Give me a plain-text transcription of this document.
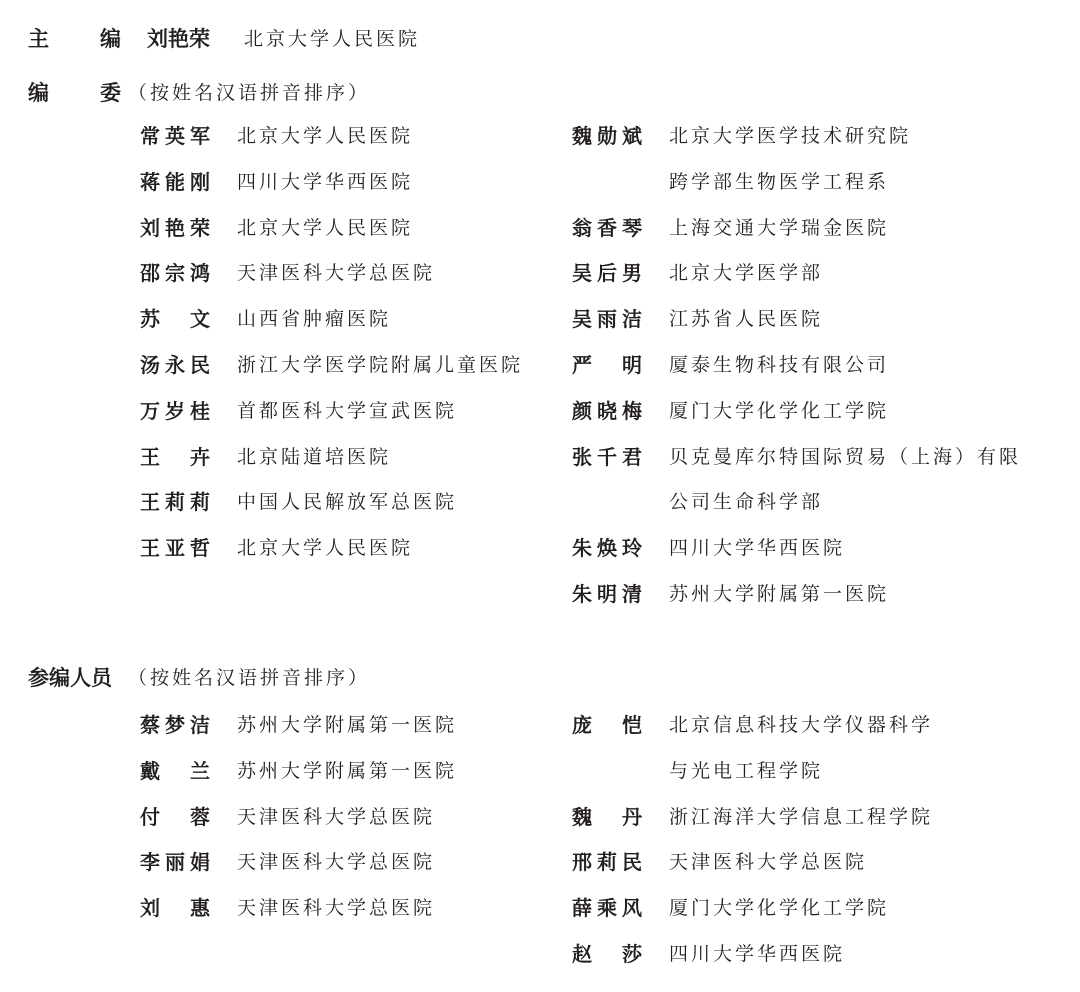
主 编 刘艳荣 北京大学人民医院
编 委 （按姓名汉语拼音排序）
参编人员 （按姓名汉语拼音排序）
常英军 北京大学人民医院
蒋能刚 四川大学华西医院
刘艳荣 北京大学人民医院
邵宗鸿 天津医科大学总医院
苏　文 山西省肿瘤医院
汤永民 浙江大学医学院附属儿童医院
万岁桂 首都医科大学宣武医院
王　卉 北京陆道培医院
王莉莉 中国人民解放军总医院
王亚哲 北京大学人民医院
魏勋斌 北京大学医学技术研究院
跨学部生物医学工程系
翁香琴 上海交通大学瑞金医院
吴后男 北京大学医学部
吴雨洁 江苏省人民医院
严　明 厦泰生物科技有限公司
颜晓梅 厦门大学化学化工学院
张千君 贝克曼库尔特国际贸易（上海）有限
公司生命科学部
朱焕玲 四川大学华西医院
朱明清 苏州大学附属第一医院
蔡梦洁 苏州大学附属第一医院
戴　兰 苏州大学附属第一医院
付　蓉 天津医科大学总医院
李丽娟 天津医科大学总医院
刘　惠 天津医科大学总医院
庞　恺 北京信息科技大学仪器科学
与光电工程学院
魏　丹 浙江海洋大学信息工程学院
邢莉民 天津医科大学总医院
薛乘风 厦门大学化学化工学院
赵　莎 四川大学华西医院
